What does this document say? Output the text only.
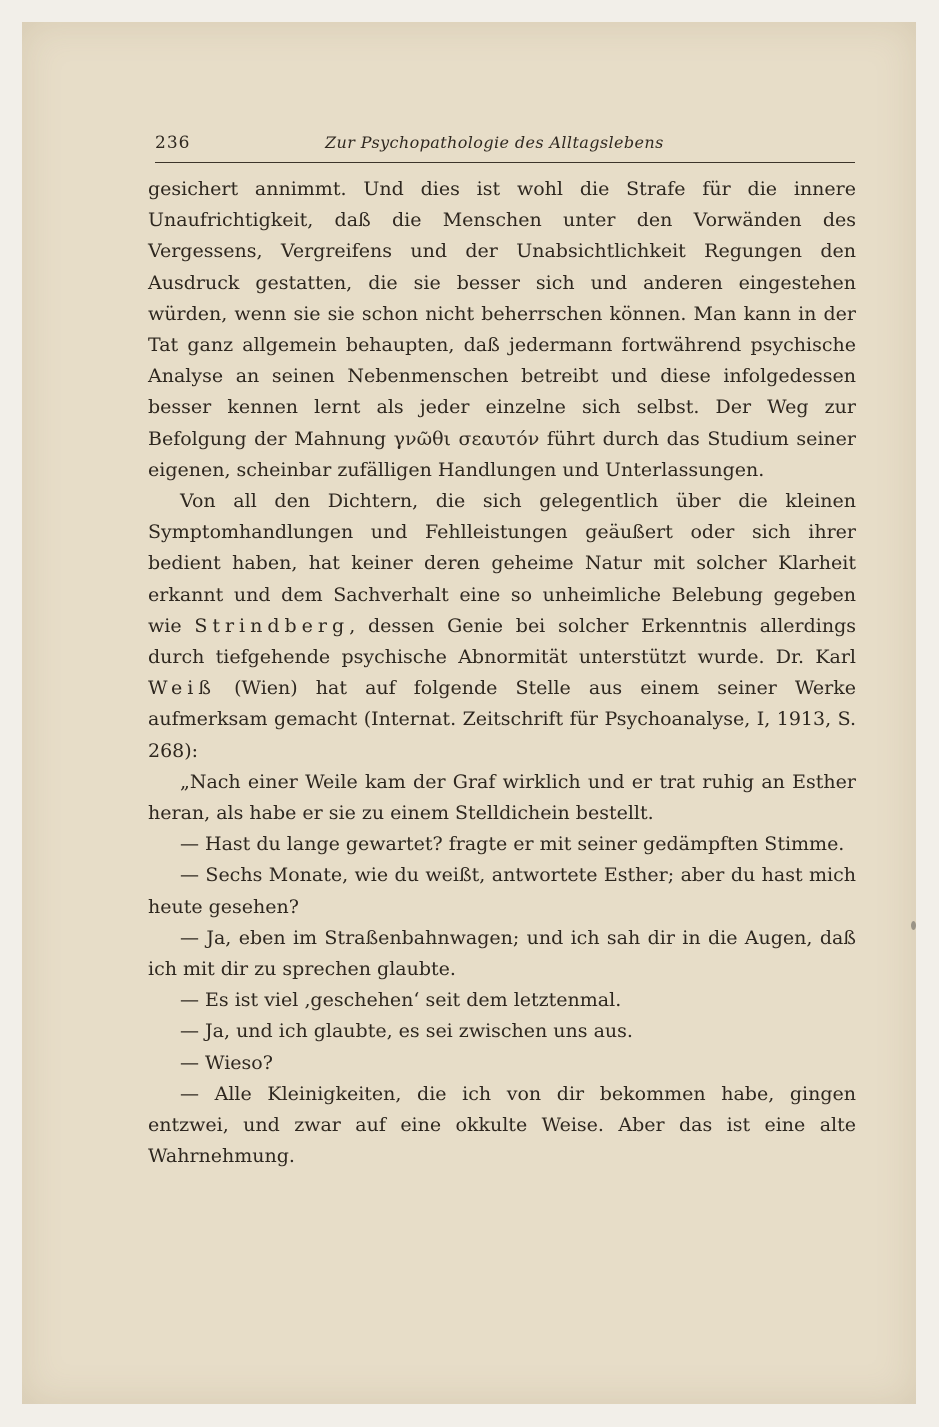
236	Zur Psychopathologie des Alltagslebens

gesichert annimmt. Und dies ist wohl die Strafe für die innere Unaufrichtigkeit, daß die Menschen unter den Vorwänden des Vergessens, Vergreifens und der Unabsichtlichkeit Regungen den Ausdruck gestatten, die sie besser sich und anderen eingestehen würden, wenn sie sie schon nicht beherrschen können. Man kann in der Tat ganz allgemein behaupten, daß jedermann fortwährend psychische Analyse an seinen Nebenmenschen betreibt und diese infolgedessen besser kennen lernt als jeder einzelne sich selbst. Der Weg zur Befolgung der Mahnung γνῶθι σεαυτόν führt durch das Studium seiner eigenen, scheinbar zufälligen Handlungen und Unterlassungen.

Von all den Dichtern, die sich gelegentlich über die kleinen Symptomhandlungen und Fehlleistungen geäußert oder sich ihrer bedient haben, hat keiner deren geheime Natur mit solcher Klarheit erkannt und dem Sachverhalt eine so unheimliche Belebung gegeben wie Strindberg, dessen Genie bei solcher Erkenntnis allerdings durch tiefgehende psychische Abnormität unterstützt wurde. Dr. Karl Weiß (Wien) hat auf folgende Stelle aus einem seiner Werke aufmerksam gemacht (Internat. Zeitschrift für Psychoanalyse, I, 1913, S. 268):

„Nach einer Weile kam der Graf wirklich und er trat ruhig an Esther heran, als habe er sie zu einem Stelldichein bestellt.

— Hast du lange gewartet? fragte er mit seiner gedämpften Stimme.

— Sechs Monate, wie du weißt, antwortete Esther; aber du hast mich heute gesehen?

— Ja, eben im Straßenbahnwagen; und ich sah dir in die Augen, daß ich mit dir zu sprechen glaubte.

— Es ist viel ‚geschehen‘ seit dem letztenmal.

— Ja, und ich glaubte, es sei zwischen uns aus.

— Wieso?

— Alle Kleinigkeiten, die ich von dir bekommen habe, gingen entzwei, und zwar auf eine okkulte Weise. Aber das ist eine alte Wahrnehmung.
